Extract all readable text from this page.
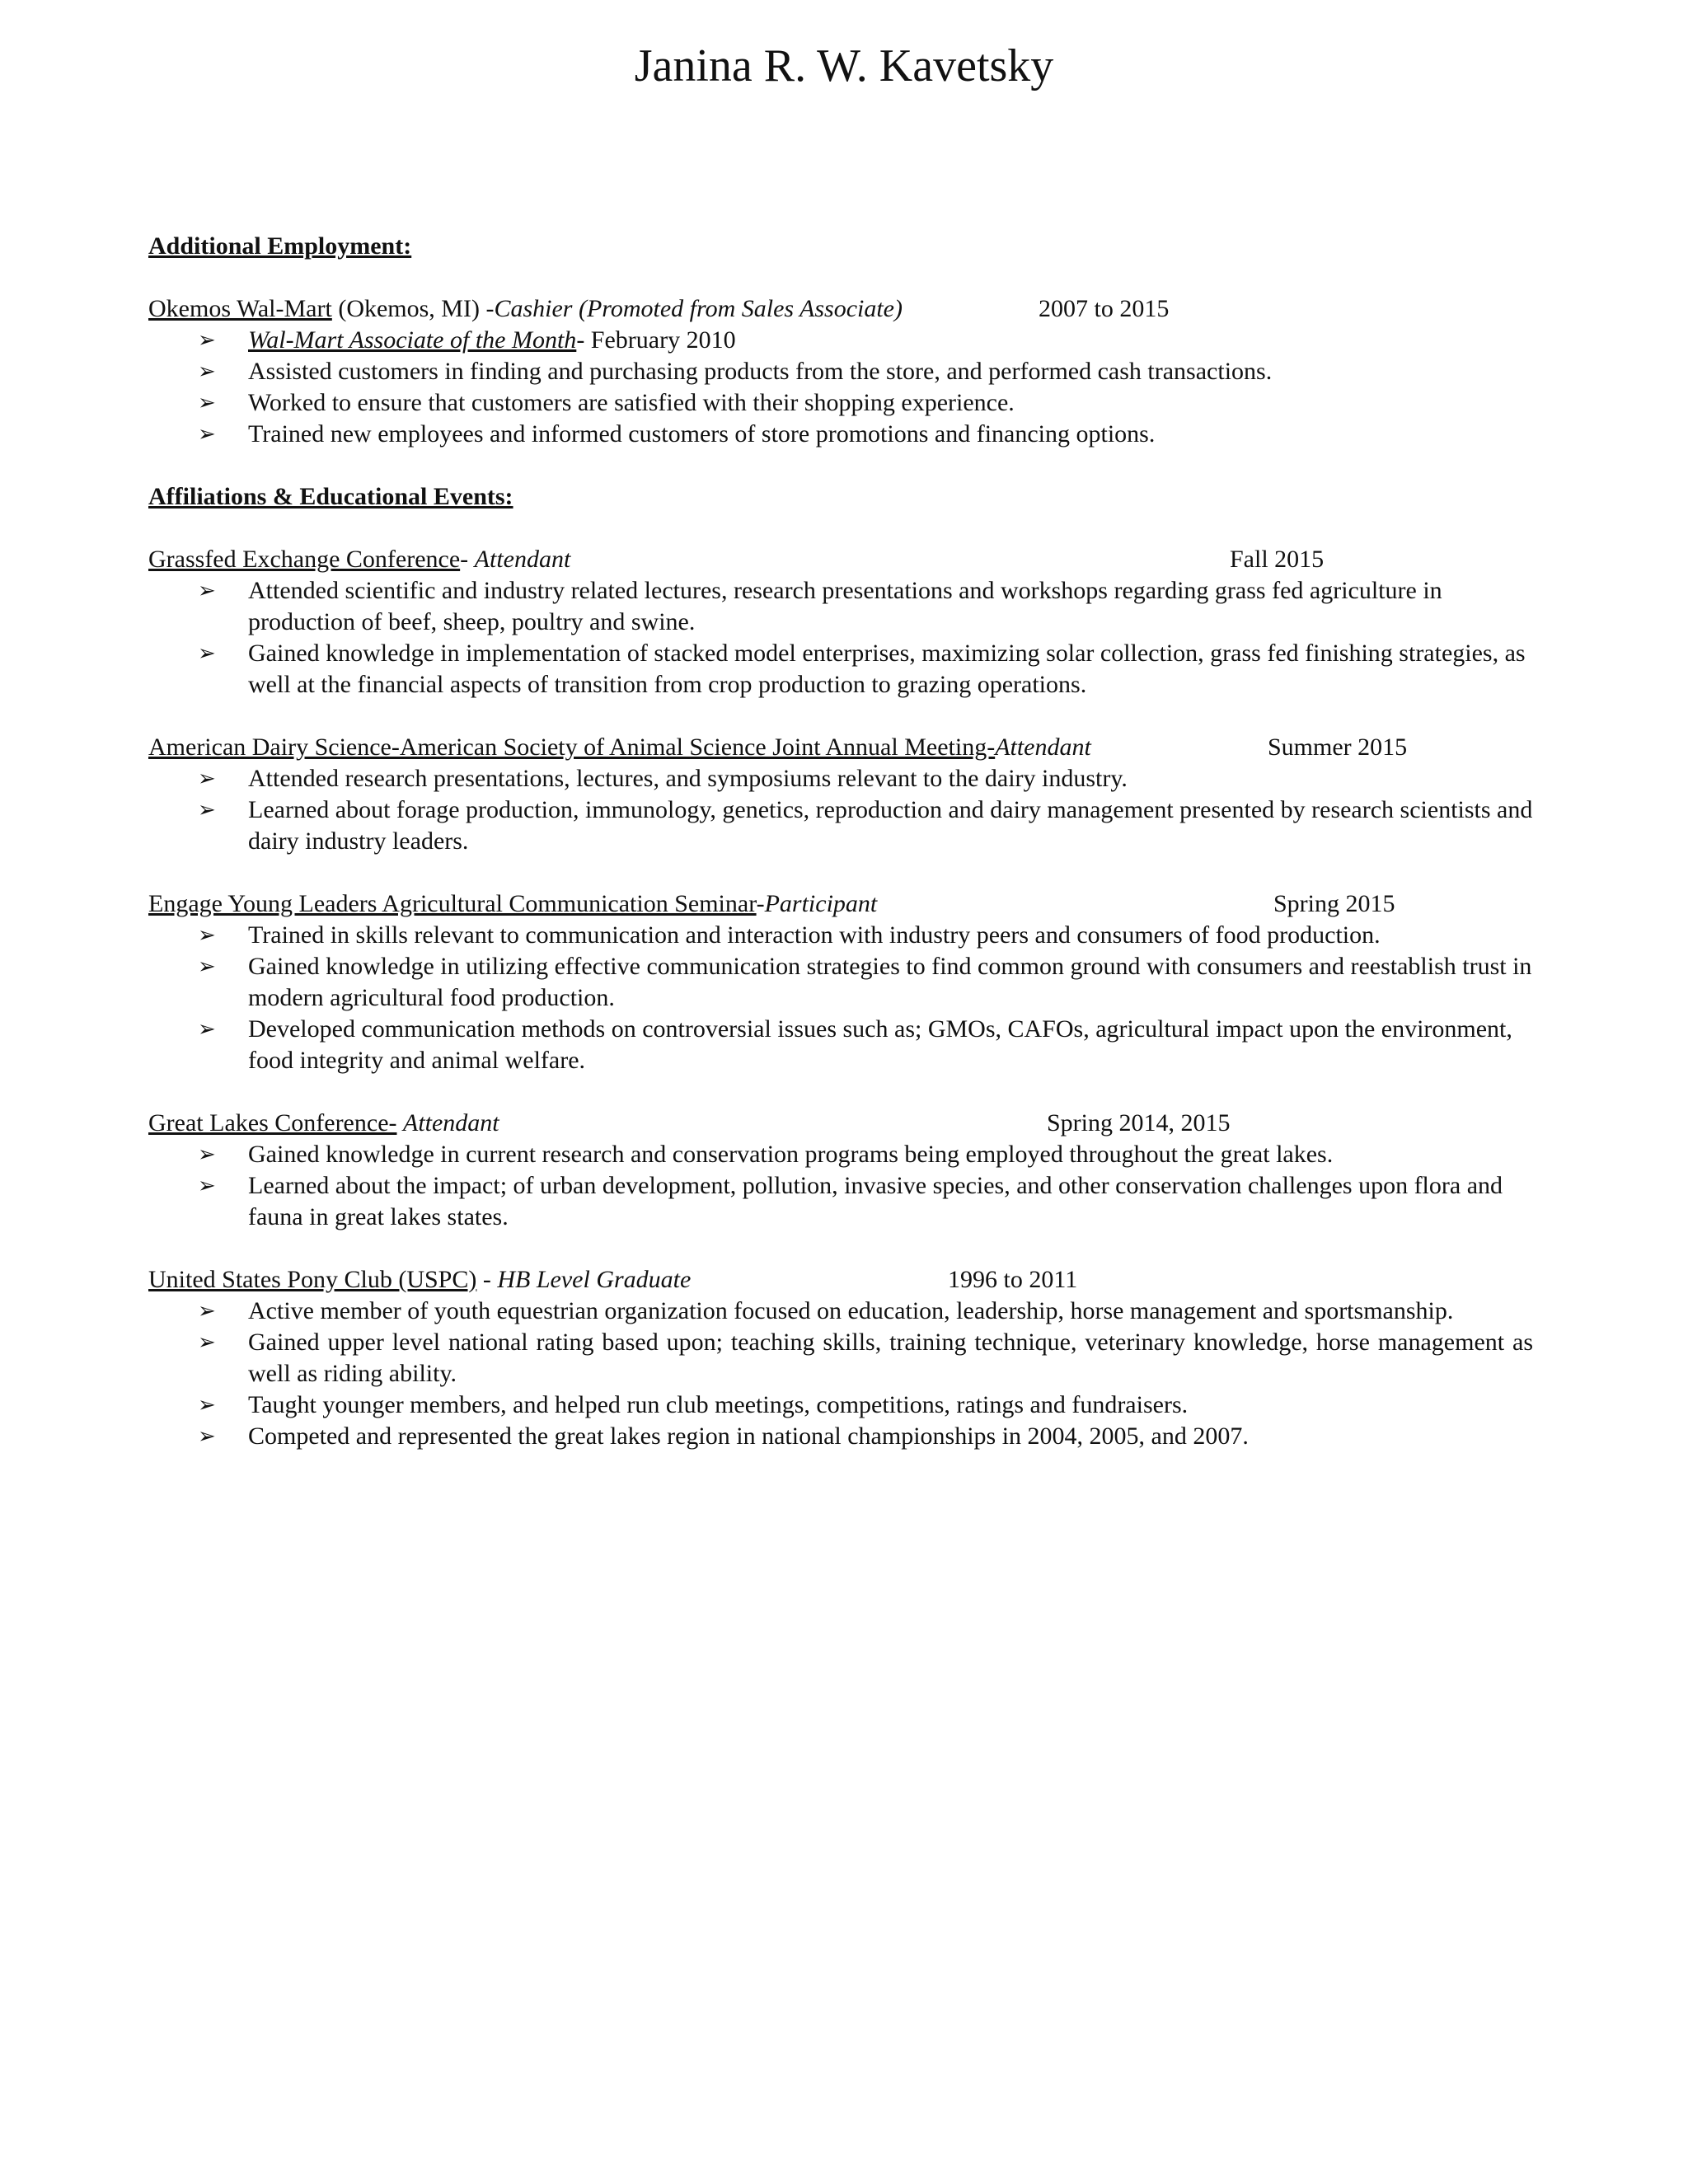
Janina R. W. Kavetsky

Additional Employment:

Okemos Wal-Mart (Okemos, MI) -Cashier (Promoted from Sales Associate)	2007 to 2015
➢ Wal-Mart Associate of the Month- February 2010
➢ Assisted customers in finding and purchasing products from the store, and performed cash transactions.
➢ Worked to ensure that customers are satisfied with their shopping experience.
➢ Trained new employees and informed customers of store promotions and financing options.

Affiliations & Educational Events:

Grassfed Exchange Conference- Attendant	Fall 2015
➢ Attended scientific and industry related lectures, research presentations and workshops regarding grass fed agriculture in production of beef, sheep, poultry and swine.
➢ Gained knowledge in implementation of stacked model enterprises, maximizing solar collection, grass fed finishing strategies, as well at the financial aspects of transition from crop production to grazing operations.
American Dairy Science-American Society of Animal Science Joint Annual Meeting-Attendant	Summer 2015
➢ Attended research presentations, lectures, and symposiums relevant to the dairy industry.
➢ Learned about forage production, immunology, genetics, reproduction and dairy management presented by research scientists and dairy industry leaders.
Engage Young Leaders Agricultural Communication Seminar-Participant	Spring 2015
➢ Trained in skills relevant to communication and interaction with industry peers and consumers of food production.
➢ Gained knowledge in utilizing effective communication strategies to find common ground with consumers and reestablish trust in modern agricultural food production.
➢ Developed communication methods on controversial issues such as; GMOs, CAFOs, agricultural impact upon the environment, food integrity and animal welfare.
Great Lakes Conference- Attendant	Spring 2014, 2015
➢ Gained knowledge in current research and conservation programs being employed throughout the great lakes.
➢ Learned about the impact; of urban development, pollution, invasive species, and other conservation challenges upon flora and fauna in great lakes states.
United States Pony Club (USPC) - HB Level Graduate	1996 to 2011
➢ Active member of youth equestrian organization focused on education, leadership, horse management and sportsmanship.
➢ Gained upper level national rating based upon; teaching skills, training technique, veterinary knowledge, horse management as well as riding ability.
➢ Taught younger members, and helped run club meetings, competitions, ratings and fundraisers.
➢ Competed and represented the great lakes region in national championships in 2004, 2005, and 2007.
